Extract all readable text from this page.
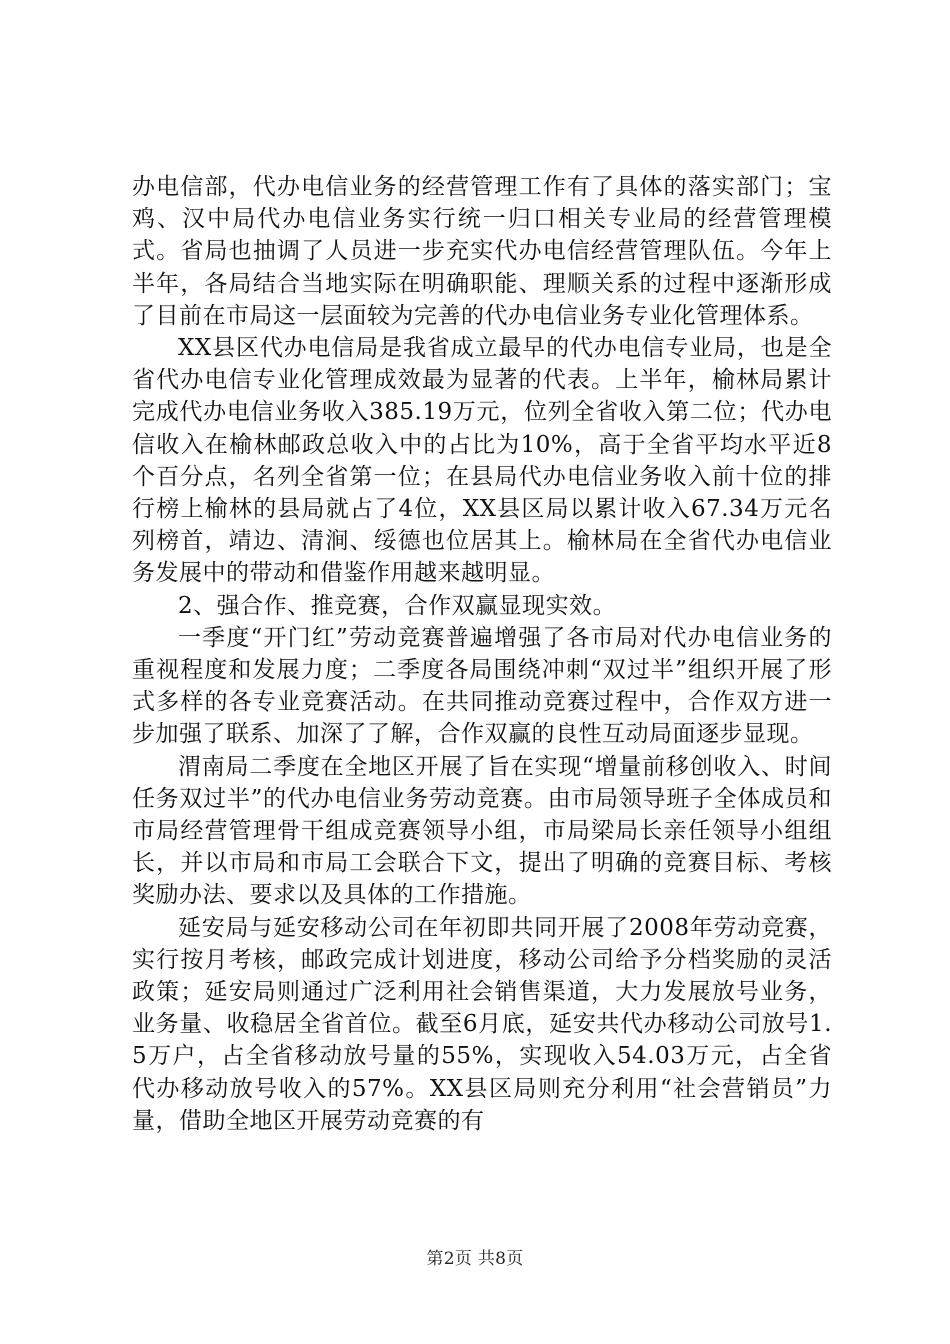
办电信部，代办电信业务的经营管理工作有了具体的落实部门；宝鸡、汉中局代办电信业务实行统一归口相关专业局的经营管理模式。省局也抽调了人员进一步充实代办电信经营管理队伍。今年上半年，各局结合当地实际在明确职能、理顺关系的过程中逐渐形成了目前在市局这一层面较为完善的代办电信业务专业化管理体系。

XX县区代办电信局是我省成立最早的代办电信专业局，也是全省代办电信专业化管理成效最为显著的代表。上半年，榆林局累计完成代办电信业务收入385.19万元，位列全省收入第二位；代办电信收入在榆林邮政总收入中的占比为10%，高于全省平均水平近8个百分点，名列全省第一位；在县局代办电信业务收入前十位的排行榜上榆林的县局就占了4位，XX县区局以累计收入67.34万元名列榜首，靖边、清涧、绥德也位居其上。榆林局在全省代办电信业务发展中的带动和借鉴作用越来越明显。

2、强合作、推竞赛，合作双赢显现实效。

一季度“开门红”劳动竞赛普遍增强了各市局对代办电信业务的重视程度和发展力度；二季度各局围绕冲刺“双过半”组织开展了形式多样的各专业竞赛活动。在共同推动竞赛过程中，合作双方进一步加强了联系、加深了了解，合作双赢的良性互动局面逐步显现。

渭南局二季度在全地区开展了旨在实现“增量前移创收入、时间任务双过半”的代办电信业务劳动竞赛。由市局领导班子全体成员和市局经营管理骨干组成竞赛领导小组，市局梁局长亲任领导小组组长，并以市局和市局工会联合下文，提出了明确的竞赛目标、考核奖励办法、要求以及具体的工作措施。

延安局与延安移动公司在年初即共同开展了2008年劳动竞赛，实行按月考核，邮政完成计划进度，移动公司给予分档奖励的灵活政策；延安局则通过广泛利用社会销售渠道，大力发展放号业务，业务量、收稳居全省首位。截至6月底，延安共代办移动公司放号1.5万户，占全省移动放号量的55%，实现收入54.03万元，占全省代办移动放号收入的57%。XX县区局则充分利用“社会营销员”力量，借助全地区开展劳动竞赛的有

第2页 共8页
